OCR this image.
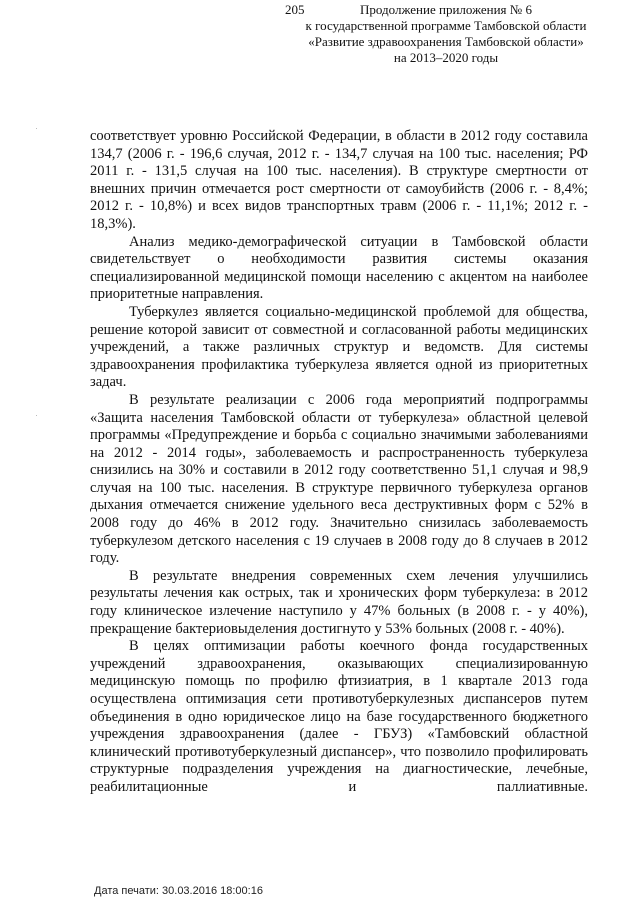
205	Продолжение приложения № 6
к государственной программе Тамбовской области
«Развитие здравоохранения Тамбовской области»
на 2013–2020 годы

соответствует уровню Российской Федерации, в области в 2012 году составила 134,7 (2006 г. - 196,6 случая, 2012 г. - 134,7 случая на 100 тыс. населения; РФ 2011 г. - 131,5 случая на 100 тыс. населения). В структуре смертности от внешних причин отмечается рост смертности от самоубийств (2006 г. - 8,4%; 2012 г. - 10,8%) и всех видов транспортных травм (2006 г. - 11,1%; 2012 г. - 18,3%).

Анализ медико-демографической ситуации в Тамбовской области свидетельствует о необходимости развития системы оказания специализированной медицинской помощи населению с акцентом на наиболее приоритетные направления.

Туберкулез является социально-медицинской проблемой для общества, решение которой зависит от совместной и согласованной работы медицинских учреждений, а также различных структур и ведомств. Для системы здравоохранения профилактика туберкулеза является одной из приоритетных задач.

В результате реализации с 2006 года мероприятий подпрограммы «Защита населения Тамбовской области от туберкулеза» областной целевой программы «Предупреждение и борьба с социально значимыми заболеваниями на 2012 - 2014 годы», заболеваемость и распространенность туберкулеза снизились на 30% и составили в 2012 году соответственно 51,1 случая и 98,9 случая на 100 тыс. населения. В структуре первичного туберкулеза органов дыхания отмечается снижение удельного веса деструктивных форм с 52% в 2008 году до 46% в 2012 году. Значительно снизилась заболеваемость туберкулезом детского населения с 19 случаев в 2008 году до 8 случаев в 2012 году.

В результате внедрения современных схем лечения улучшились результаты лечения как острых, так и хронических форм туберкулеза: в 2012 году клиническое излечение наступило у 47% больных (в 2008 г. - у 40%), прекращение бактериовыделения достигнуто у 53% больных (2008 г. - 40%).

В целях оптимизации работы коечного фонда государственных учреждений здравоохранения, оказывающих специализированную медицинскую помощь по профилю фтизиатрия, в 1 квартале 2013 года осуществлена оптимизация сети противотуберкулезных диспансеров путем объединения в одно юридическое лицо на базе государственного бюджетного учреждения здравоохранения (далее - ГБУЗ) «Тамбовский областной клинический противотуберкулезный диспансер», что позволило профилировать структурные подразделения учреждения на диагностические, лечебные, реабилитационные и паллиативные.

Дата печати: 30.03.2016 18:00:16
